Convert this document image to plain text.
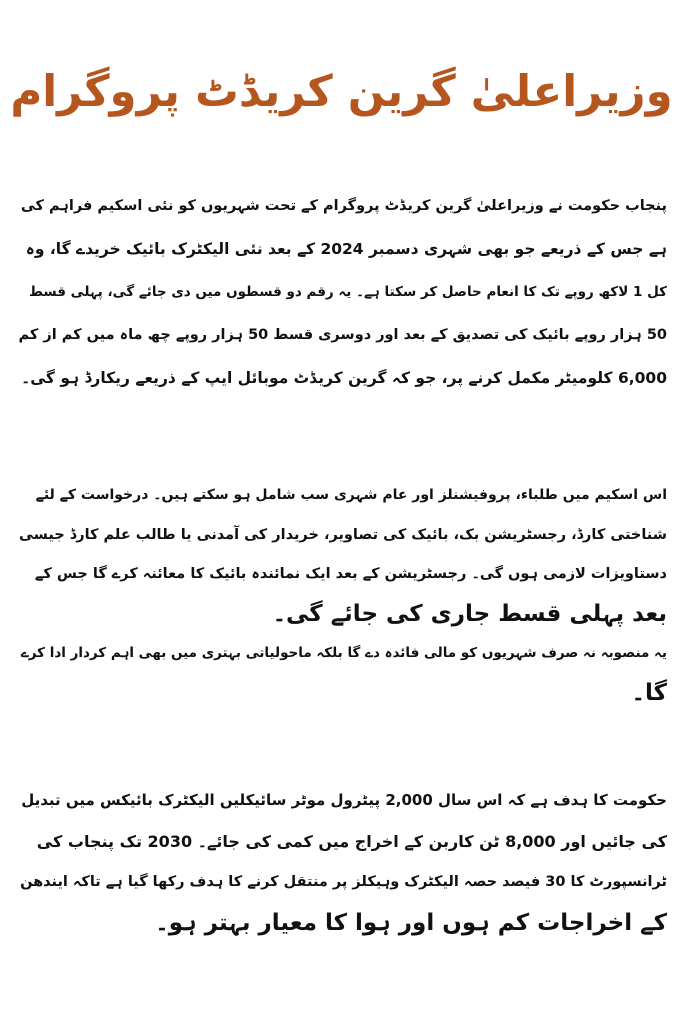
وزیراعلیٰ گرین کریڈٹ پروگرام

پنجاب حکومت نے وزیراعلیٰ گرین کریڈٹ پروگرام کے تحت شہریوں کو نئی اسکیم فراہم کی
ہے جس کے ذریعے جو بھی شہری دسمبر 2024 کے بعد نئی الیکٹرک بائیک خریدے گا، وہ
کل 1 لاکھ روپے تک کا انعام حاصل کر سکتا ہے۔ یہ رقم دو قسطوں میں دی جائے گی، پہلی قسط
50 ہزار روپے بائیک کی تصدیق کے بعد اور دوسری قسط 50 ہزار روپے چھ ماہ میں کم از کم
6,000 کلومیٹر مکمل کرنے پر، جو کہ گرین کریڈٹ موبائل ایپ کے ذریعے ریکارڈ ہو گی۔

اس اسکیم میں طلباء، پروفیشنلز اور عام شہری سب شامل ہو سکتے ہیں۔ درخواست کے لئے
شناختی کارڈ، رجسٹریشن بک، بائیک کی تصاویر، خریدار کی آمدنی یا طالب علم کارڈ جیسی
دستاویزات لازمی ہوں گی۔ رجسٹریشن کے بعد ایک نمائندہ بائیک کا معائنہ کرے گا جس کے
بعد پہلی قسط جاری کی جائے گی۔
یہ منصوبہ نہ صرف شہریوں کو مالی فائدہ دے گا بلکہ ماحولیاتی بہتری میں بھی اہم کردار ادا کرے
گا۔

حکومت کا ہدف ہے کہ اس سال 2,000 پیٹرول موٹر سائیکلیں الیکٹرک بائیکس میں تبدیل
کی جائیں اور 8,000 ٹن کاربن کے اخراج میں کمی کی جائے۔ 2030 تک پنجاب کی
ٹرانسپورٹ کا 30 فیصد حصہ الیکٹرک وہیکلز پر منتقل کرنے کا ہدف رکھا گیا ہے تاکہ ایندھن
کے اخراجات کم ہوں اور ہوا کا معیار بہتر ہو۔
